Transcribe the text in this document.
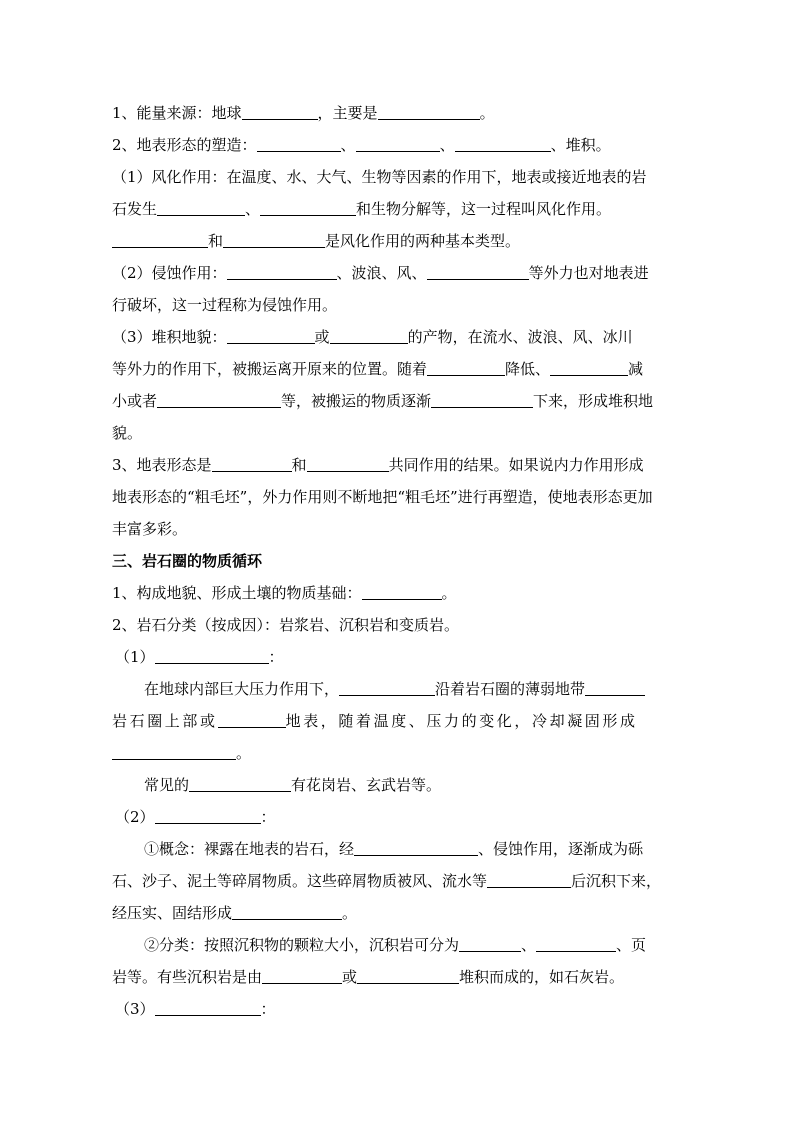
1、能量来源：地球	，主要是	。
2、地表形态的塑造：	、	、	、堆积。
（1）风化作用：在温度、水、大气、生物等因素的作用下，地表或接近地表的岩
石发生	、	和生物分解等，这一过程叫风化作用。
和	是风化作用的两种基本类型。
（2）侵蚀作用：	、波浪、风、	等外力也对地表进
行破坏，这一过程称为侵蚀作用。
（3）堆积地貌：	或	的产物，在流水、波浪、风、冰川
等外力的作用下，被搬运离开原来的位置。随着	降低、	减
小或者	等，被搬运的物质逐渐	下来，形成堆积地
貌。
3、地表形态是	和	共同作用的结果。如果说内力作用形成
地表形态的“粗毛坯”，外力作用则不断地把“粗毛坯”进行再塑造，使地表形态更加
丰富多彩。
三、岩石圈的物质循环
1、构成地貌、形成土壤的物质基础：	。
2、岩石分类（按成因）：岩浆岩、沉积岩和变质岩。
（1）	：
在地球内部巨大压力作用下，	沿着岩石圈的薄弱地带
岩石圈上部或	地表，随着温度、压力的变化，冷却凝固形成
。
常见的	有花岗岩、玄武岩等。
（2）	：
①概念：裸露在地表的岩石，经	、侵蚀作用，逐渐成为砾
石、沙子、泥土等碎屑物质。这些碎屑物质被风、流水等	后沉积下来，
经压实、固结形成	。
②分类：按照沉积物的颗粒大小，沉积岩可分为	、	、页
岩等。有些沉积岩是由	或	堆积而成的，如石灰岩。
（3）	：
